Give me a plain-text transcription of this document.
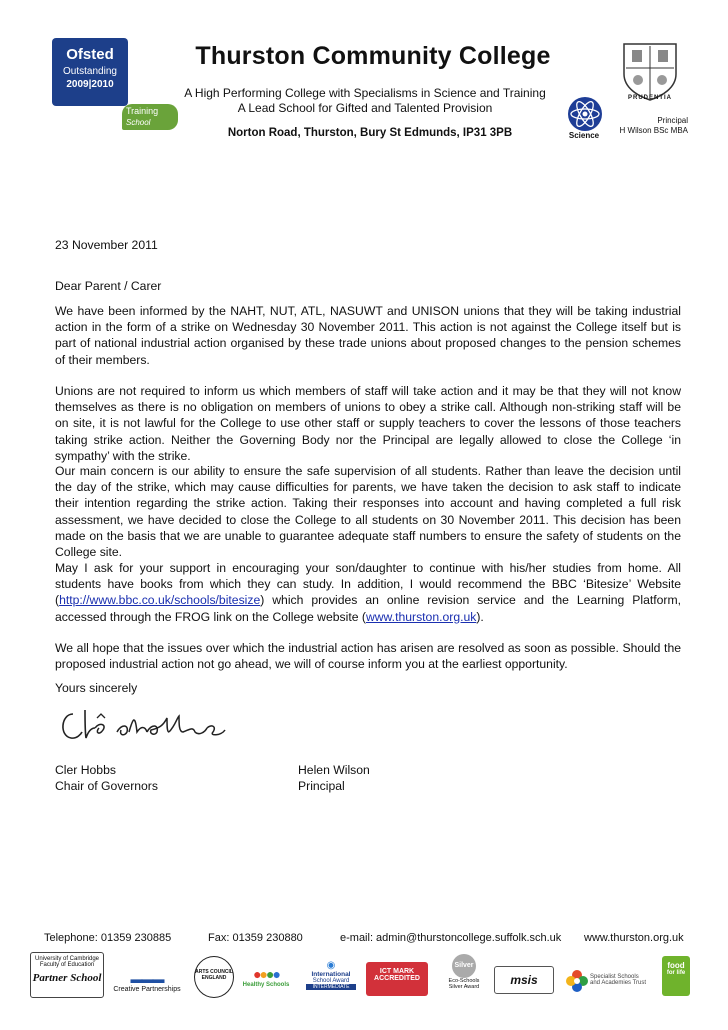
Ofsted
Outstanding
2009|2010
Thurston Community College
A High Performing College with Specialisms in Science and Training
A Lead School for Gifted and Talented Provision
Norton Road, Thurston, Bury St Edmunds, IP31 3PB
Training
School
Science
PRUDENTIA
Principal
H Wilson BSc MBA
23 November 2011
Dear Parent / Carer
We have been informed by the NAHT, NUT, ATL, NASUWT and UNISON unions that they will be taking industrial action in the form of a strike on Wednesday 30 November 2011. This action is not against the College itself but is part of national industrial action organised by these trade unions about proposed changes to the pension schemes of their members.
Unions are not required to inform us which members of staff will take action and it may be that they will not know themselves as there is no obligation on members of unions to obey a strike call. Although non-striking staff will be on site, it is not lawful for the College to use other staff or supply teachers to cover the lessons of those teachers taking strike action. Neither the Governing Body nor the Principal are legally allowed to close the College ‘in sympathy’ with the strike.
Our main concern is our ability to ensure the safe supervision of all students. Rather than leave the decision until the day of the strike, which may cause difficulties for parents, we have taken the decision to ask staff to indicate their intention regarding the strike action. Taking their responses into account and having completed a full risk assessment, we have decided to close the College to all students on 30 November 2011. This decision has been made on the basis that we are unable to guarantee adequate staff numbers to ensure the safety of students on the College site.
May I ask for your support in encouraging your son/daughter to continue with his/her studies from home. All students have books from which they can study. In addition, I would recommend the BBC ‘Bitesize’ Website (http://www.bbc.co.uk/schools/bitesize) which provides an online revision service and the Learning Platform, accessed through the FROG link on the College website (www.thurston.org.uk).
We all hope that the issues over which the industrial action has arisen are resolved as soon as possible. Should the proposed industrial action not go ahead, we will of course inform you at the earliest opportunity.
Yours sincerely
Cler Hobbs
Chair of Governors
Helen Wilson
Principal
Telephone: 01359 230885	Fax: 01359 230880	e-mail: admin@thurstoncollege.suffolk.sch.uk www.thurston.org.uk
University of Cambridge
Faculty of Education
Partner School	▬▬▬
Creative Partnerships
ARTS COUNCIL ENGLAND	●●●●
Healthy Schools
◉
International
School Award
INTERMEDIATE
ICT MARK
ACCREDITED
Silver
Eco-Schools
Silver Award	msis	Specialist Schools
and Academies Trust
food
for life
